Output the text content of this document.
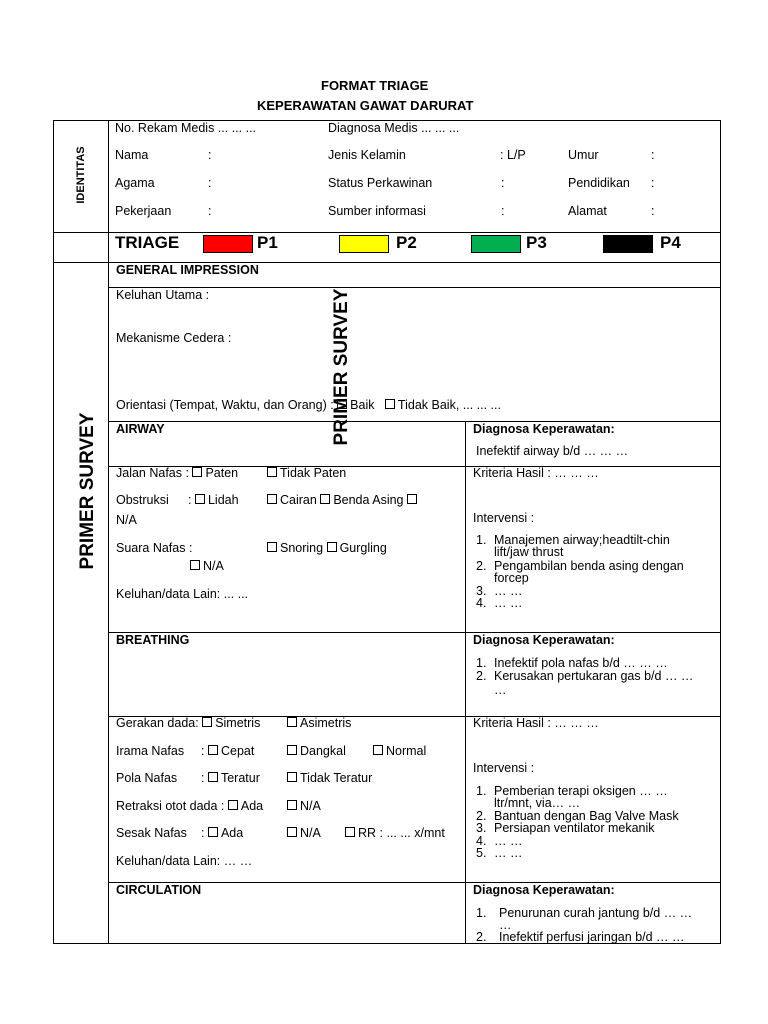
FORMAT TRIAGE
KEPERAWATAN GAWAT DARURAT
IDENTITAS
No. Rekam Medis ... ... ...	Diagnosa Medis ... ... ...
Nama	:	Jenis Kelamin	: L/P	Umur	:
Agama	:	Status Perkawinan	:	Pendidikan :
Pekerjaan	:	Sumber informasi	:	Alamat	:
TRIAGE	P1	P2	P3	P4
PRIMER SURVEY
PRIMER SURVEY
GENERAL IMPRESSION
Keluhan Utama :
Mekanisme Cedera :
Orientasi (Tempat, Waktu, dan Orang) : Baik Tidak Baik, ... ... ...
AIRWAY	Diagnosa Keperawatan:
Inefektif airway b/d … … …
Jalan Nafas : Paten	Tidak Paten
Obstruksi : Lidah	Cairan Benda Asing
N/A
Suara Nafas :	Snoring Gurgling
N/A
Keluhan/data Lain: ... ...
Kriteria Hasil : … … …
Intervensi :
1. Manajemen airway;headtilt-chin
lift/jaw thrust
2. Pengambilan benda asing dengan
forcep
3. … …
4. … …
BREATHING	Diagnosa Keperawatan:
1. Inefektif pola nafas b/d … … …
2. Kerusakan pertukaran gas b/d … …
…
Gerakan dada: Simetris	Asimetris
Irama Nafas : Cepat	Dangkal	Normal
Pola Nafas : Teratur	Tidak Teratur
Retraksi otot dada : Ada	N/A
Sesak Nafas : Ada	N/A	RR : ... ... x/mnt
Keluhan/data Lain: … …
Kriteria Hasil : … … …
Intervensi :
1. Pemberian terapi oksigen … …
ltr/mnt, via… …
2. Bantuan dengan Bag Valve Mask
3. Persiapan ventilator mekanik
4. … …
5. … …
CIRCULATION	Diagnosa Keperawatan:
1. Penurunan curah jantung b/d … …
…
2. Inefektif perfusi jaringan b/d … …
